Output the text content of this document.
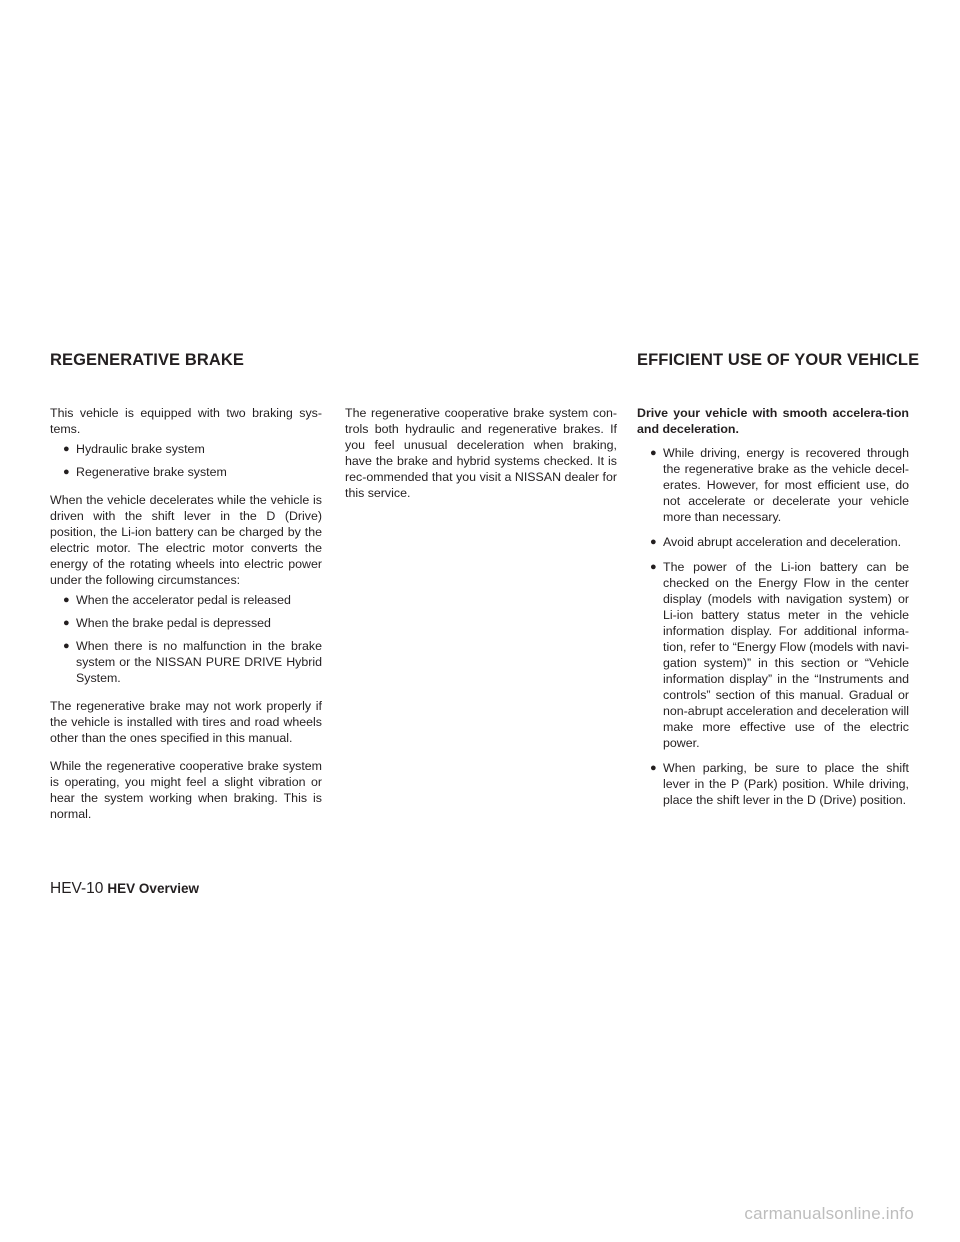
REGENERATIVE BRAKE	EFFICIENT USE OF YOUR VEHICLE

This vehicle is equipped with two braking sys-tems.

● Hydraulic brake system
● Regenerative brake system

When the vehicle decelerates while the vehicle is driven with the shift lever in the D (Drive) position, the Li-ion battery can be charged by the electric motor. The electric motor converts the energy of the rotating wheels into electric power under the following circumstances:

● When the accelerator pedal is released
● When the brake pedal is depressed
● When there is no malfunction in the brake system or the NISSAN PURE DRIVE Hybrid System.

The regenerative brake may not work properly if the vehicle is installed with tires and road wheels other than the ones specified in this manual.

While the regenerative cooperative brake system is operating, you might feel a slight vibration or hear the system working when braking. This is normal.

The regenerative cooperative brake system con-trols both hydraulic and regenerative brakes. If you feel unusual deceleration when braking, have the brake and hybrid systems checked. It is rec-ommended that you visit a NISSAN dealer for this service.

Drive your vehicle with smooth accelera-tion and deceleration.

● While driving, energy is recovered through the regenerative brake as the vehicle decel-erates. However, for most efficient use, do not accelerate or decelerate your vehicle more than necessary.
● Avoid abrupt acceleration and deceleration.
● The power of the Li-ion battery can be checked on the Energy Flow in the center display (models with navigation system) or Li-ion battery status meter in the vehicle information display. For additional informa-tion, refer to “Energy Flow (models with navi-gation system)” in this section or “Vehicle information display” in the “Instruments and controls” section of this manual. Gradual or non-abrupt acceleration and deceleration will make more effective use of the electric power.
● When parking, be sure to place the shift lever in the P (Park) position. While driving, place the shift lever in the D (Drive) position.
HEV-10 HEV Overview
carmanualsonline.info
